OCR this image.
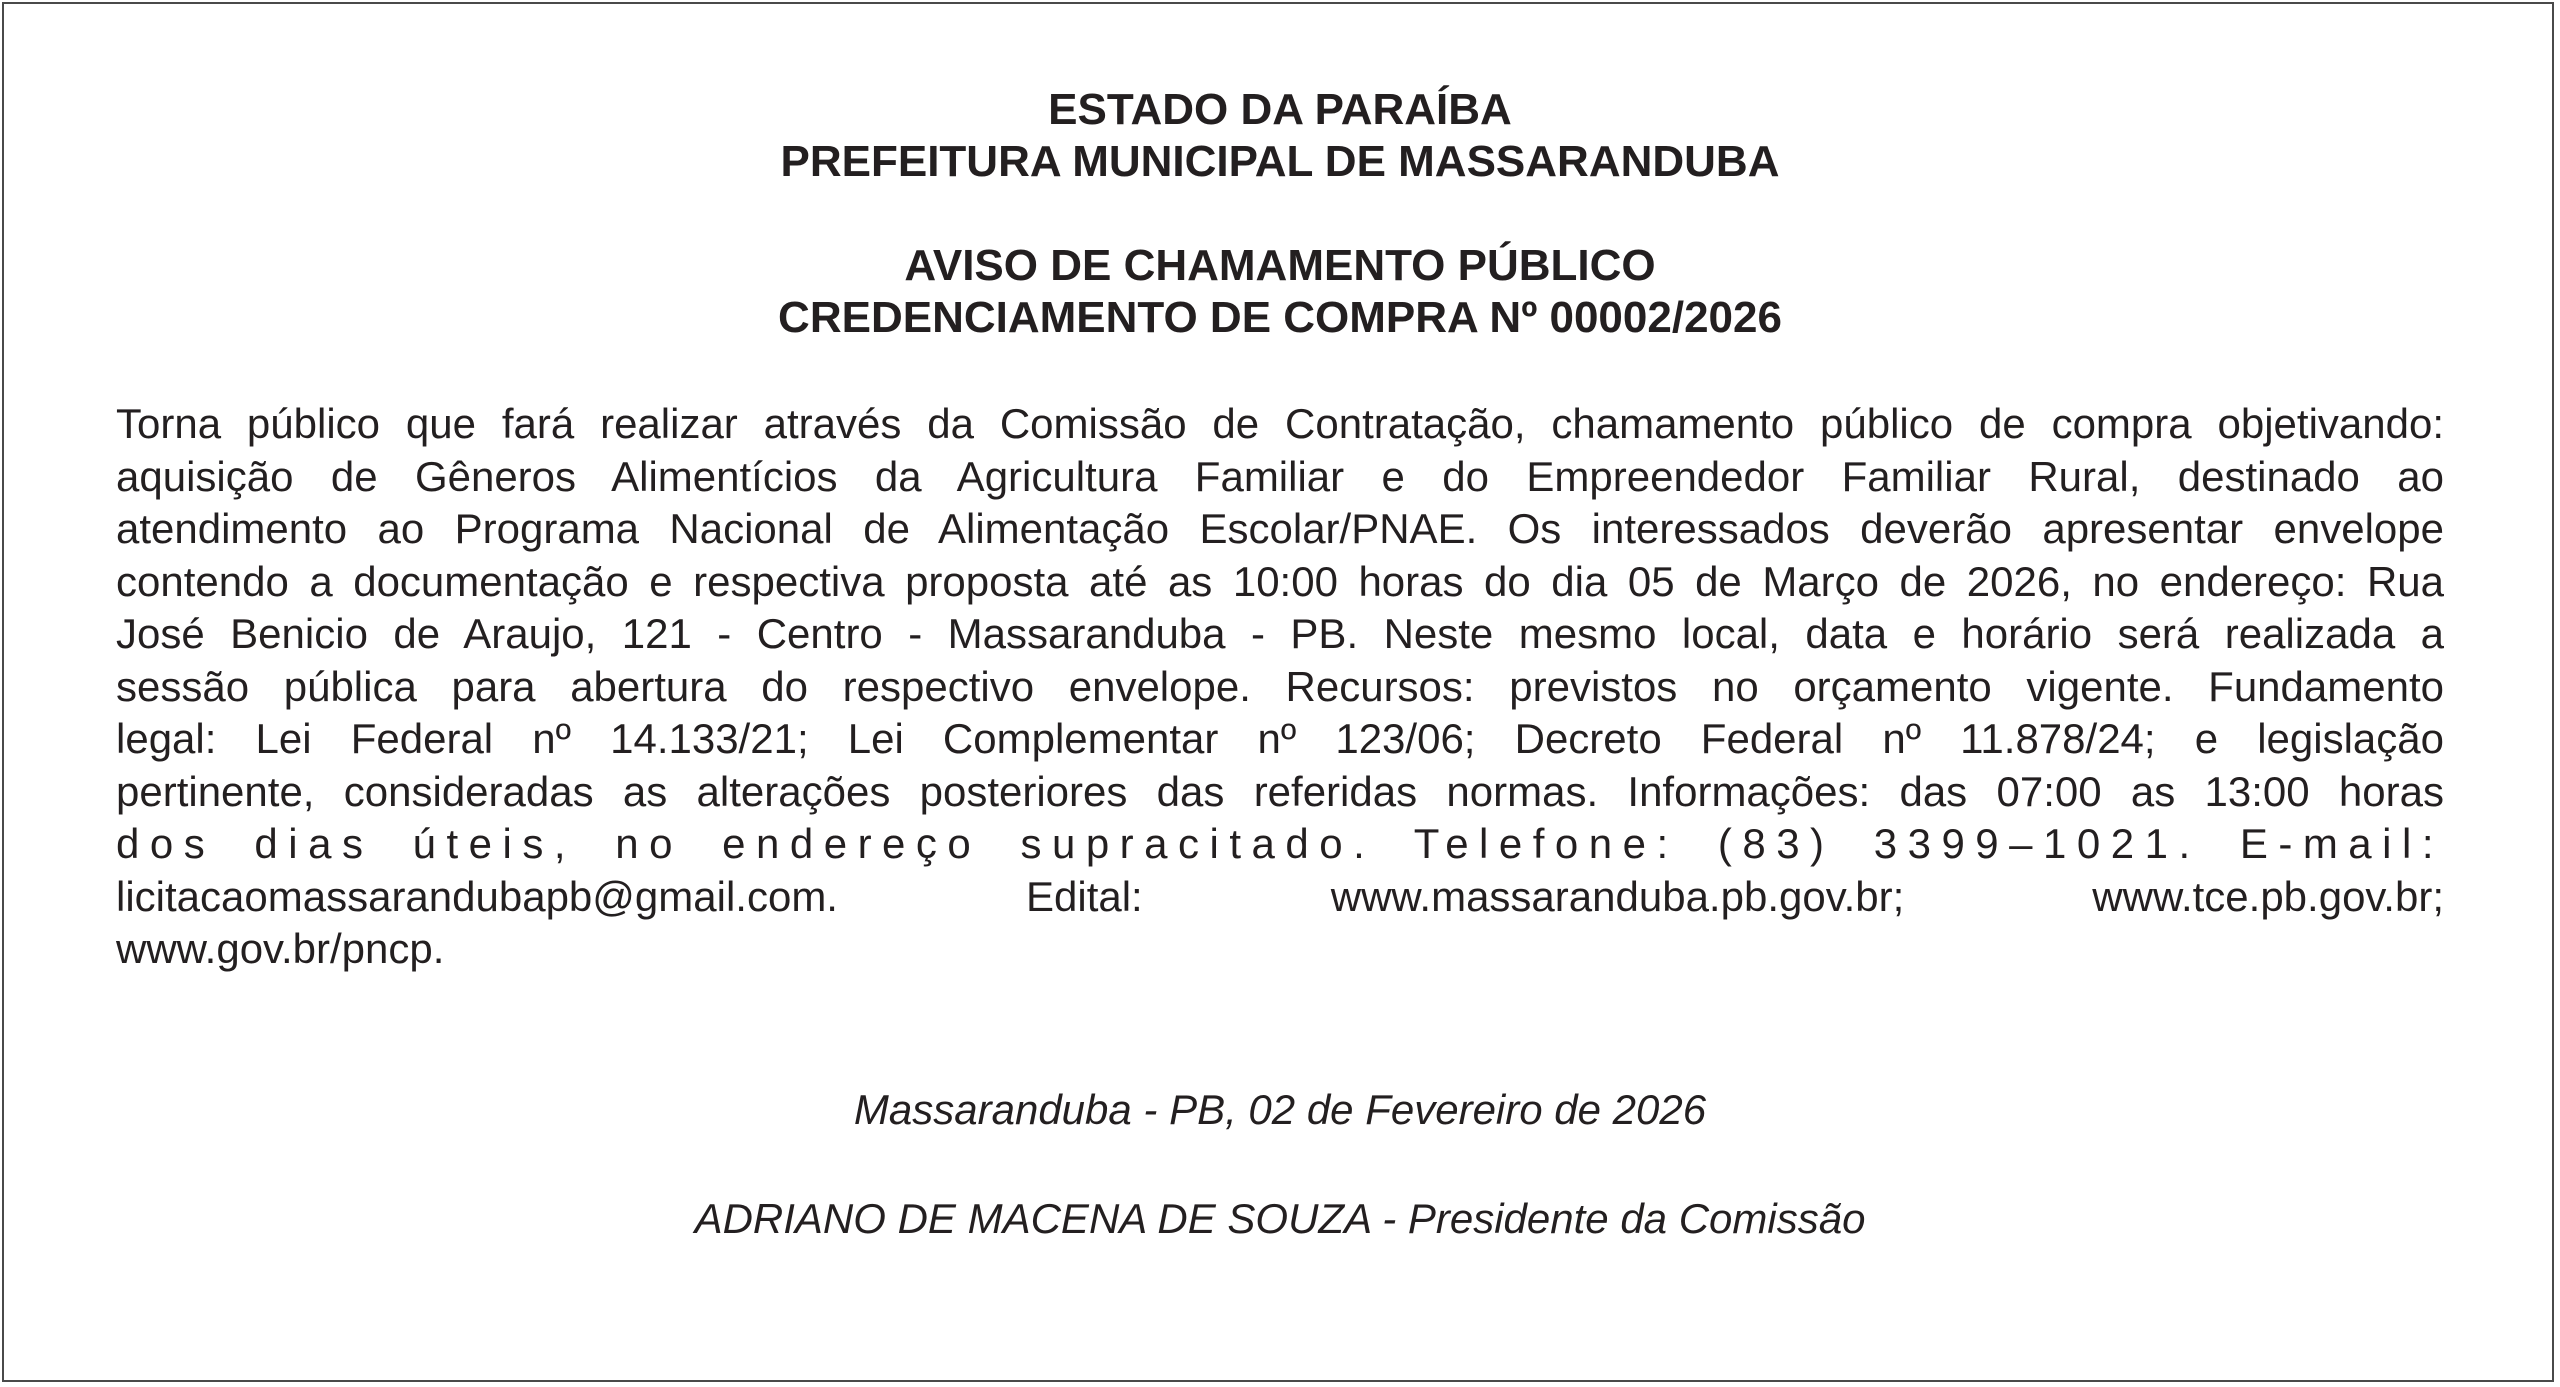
ESTADO DA PARAÍBA
PREFEITURA MUNICIPAL DE MASSARANDUBA
AVISO DE CHAMAMENTO PÚBLICO
CREDENCIAMENTO DE COMPRA Nº 00002/2026
Torna público que fará realizar através da Comissão de Contratação, chamamento público de compra objetivando:
aquisição de Gêneros Alimentícios da Agricultura Familiar e do Empreendedor Familiar Rural, destinado ao
atendimento ao Programa Nacional de Alimentação Escolar/PNAE. Os interessados deverão apresentar envelope
contendo a documentação e respectiva proposta até as 10:00 horas do dia 05 de Março de 2026, no endereço: Rua
José Benicio de Araujo, 121 - Centro - Massaranduba - PB. Neste mesmo local, data e horário será realizada a
sessão pública para abertura do respectivo envelope. Recursos: previstos no orçamento vigente. Fundamento
legal: Lei Federal nº 14.133/21; Lei Complementar nº 123/06; Decreto Federal nº 11.878/24; e legislação
pertinente, consideradas as alterações posteriores das referidas normas. Informações: das 07:00 as 13:00 horas
dos dias úteis, no endereço supracitado. Telefone: (83) 3399–1021. E-mail:
licitacaomassarandubapb@gmail.com. Edital: www.massaranduba.pb.gov.br; www.tce.pb.gov.br;
www.gov.br/pncp.
Massaranduba - PB, 02 de Fevereiro de 2026
ADRIANO DE MACENA DE SOUZA - Presidente da Comissão
